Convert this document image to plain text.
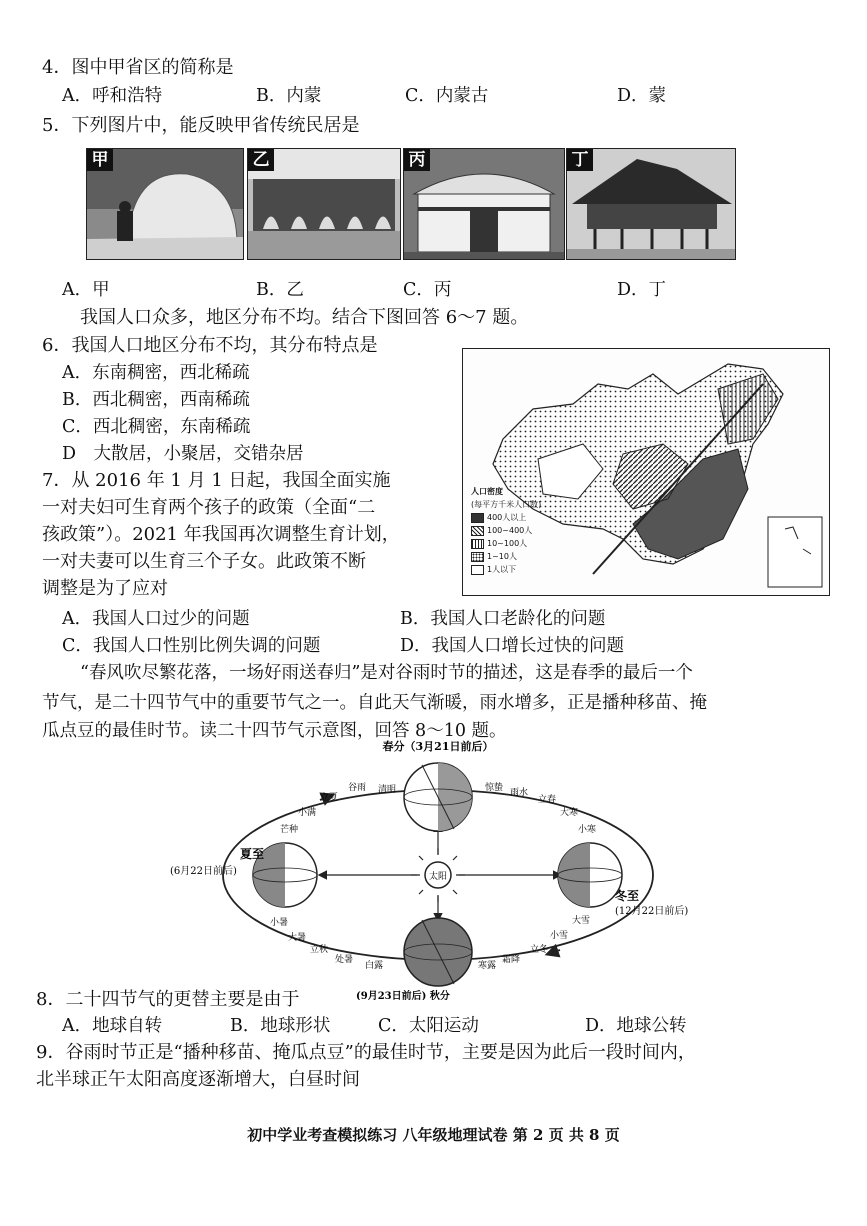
4．图中甲省区的简称是
A．呼和浩特	B．内蒙	C．内蒙古	D．蒙
5．下列图片中，能反映甲省传统民居是
甲	乙	丙	丁
A．甲	B．乙	C．丙	D．丁
我国人口众多，地区分布不均。结合下图回答 6～7 题。
6．我国人口地区分布不均，其分布特点是
A．东南稠密，西北稀疏
B．西北稠密，西南稀疏
C．西北稠密，东南稀疏
D　大散居，小聚居，交错杂居
人口密度
(每平方千米人口数)
400人以上
100~400人
10~100人
1~10人
1人以下
7．从 2016 年 1 月 1 日起，我国全面实施
一对夫妇可生育两个孩子的政策（全面“二
孩政策”）。2021 年我国再次调整生育计划，
一对夫妻可以生育三个子女。此政策不断
调整是为了应对
A．我国人口过少的问题	B．我国人口老龄化的问题
C．我国人口性别比例失调的问题	D．我国人口增长过快的问题
“春风吹尽繁花落，一场好雨送春归”是对谷雨时节的描述，这是春季的最后一个
节气，是二十四节气中的重要节气之一。自此天气渐暖，雨水增多，正是播种移苗、掩
瓜点豆的最佳时节。读二十四节气示意图，回答 8～10 题。
太阳
春分（3月21日前后）
夏至
(6月22日前后)
冬至
(12月22日前后)
(9月23日前后) 秋分
清明
谷雨
立夏
小满
芒种
惊蛰 雨水
立春
大寒
小寒
小暑
大暑
立秋
处暑
白露	寒露
霜降
立冬
小雪
大雪
8．二十四节气的更替主要是由于
A．地球自转	B．地球形状	C．太阳运动	D．地球公转
9．谷雨时节正是“播种移苗、掩瓜点豆”的最佳时节，主要是因为此后一段时间内，
北半球正午太阳高度逐渐增大，白昼时间
初中学业考查模拟练习 八年级地理试卷 第 2 页 共 8 页
